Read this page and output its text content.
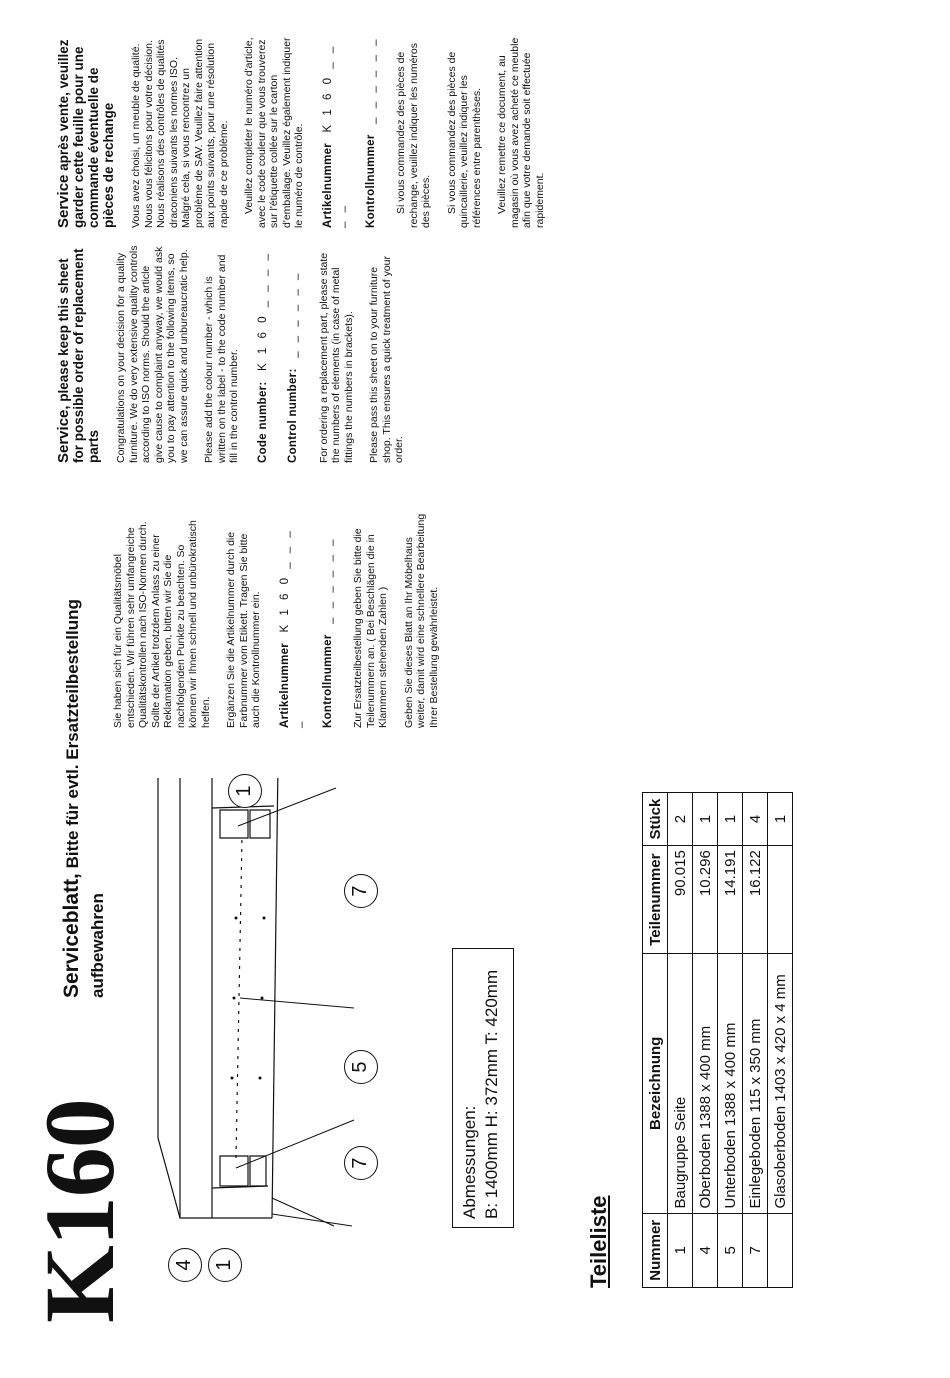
K160
Serviceblatt, Bitte für evtl. Ersatzteilbestellung
aufbewahren

Sie haben sich für ein Qualitätsmöbel entschieden. Wir führen sehr umfangreiche Qualitätskontrollen nach ISO-Normen durch. Sollte der Artikel trotzdem Anlass zu einer Reklamation geben, bitten wir Sie die nachfolgenden Punkte zu beachten. So können wir Ihnen schnell und unbürokratisch helfen. Ergänzen Sie die Artikelnummer durch die Farbnummer vom Etikett. Tragen Sie bitte auch die Kontrollnummer ein. Artikelnummer   K 1 6 0 _ _ _ _ Kontrollnummer   _ _ _ _ _ _ Zur Ersatzteilbestellung geben Sie bitte die Teilenummern an. ( Bei Beschlägen die in Klammern stehenden Zahlen ) Geben Sie dieses Blatt an Ihr Möbelhaus weiter, damit wird eine schnellere Bearbeitung Ihrer Bestellung gewährleistet.

Service, please keep this sheet for possible order of replacement parts Congratulations on your decision for a quality furniture. We do very extensive quality controls according to ISO norms. Should the article give cause to complaint anyway, we would ask you to pay attention to the following items, so we can assure quick and unbureaucratic help. Please add the colour number - which is written on the label - to the code number and fill in the control number. Code number:   K 1 6 0 _ _ _ _
Control number:   _ _ _ _ _ _ For ordering a replacement part, please state the numbers of elements (in case of metal fittings the numbers in brackets). Please pass this sheet on to your furniture shop. This ensures a quick treatment of your order.

Service après vente, veuillez garder cette feuille pour une commande éventuelle de pièces de rechange Vous avez choisi, un meuble de qualité. Nous vous félicitons pour votre décision. Nous réalisons des contrôles de qualités draconiens suivants les normes ISO. Malgré cela, si vous rencontrez un problème de SAV. Veuillez faire attention aux points suivants, pour une résolution rapide de ce problème. Veuillez compléter le numéro d'article, avec le code couleur que vous trouverez sur l'étiquette collée sur le carton d'emballage. Veuillez également indiquer le numéro de contrôle. Artikelnummer   K 1 6 0 _ _ _ _ Kontrollnummer   _ _ _ _ _ _ Si vous commandez des pièces de rechange, veuillez indiquer les numéros des pièces. Si vous commandez des pièces de quincaillerie, veuillez indiquer les références entre parenthèses. Veuillez remettre ce document, au magasin où vous avez acheté ce meuble afin que votre demande soit effectuée rapidement.

4 1
7
5
7
1
Abmessungen: B: 1400mm H: 372mm T: 420mm
Teileliste Nummer	Bezeichnung	Teilenummer	Stück
1	Baugruppe Seite	90.015	2
4	Oberboden 1388 x 400 mm	10.296	1
5	Unterboden 1388 x 400 mm	14.191	1
7	Einlegeboden 115 x 350 mm	16.122	4
	Glasoberboden 1403 x 420 x 4 mm		1
